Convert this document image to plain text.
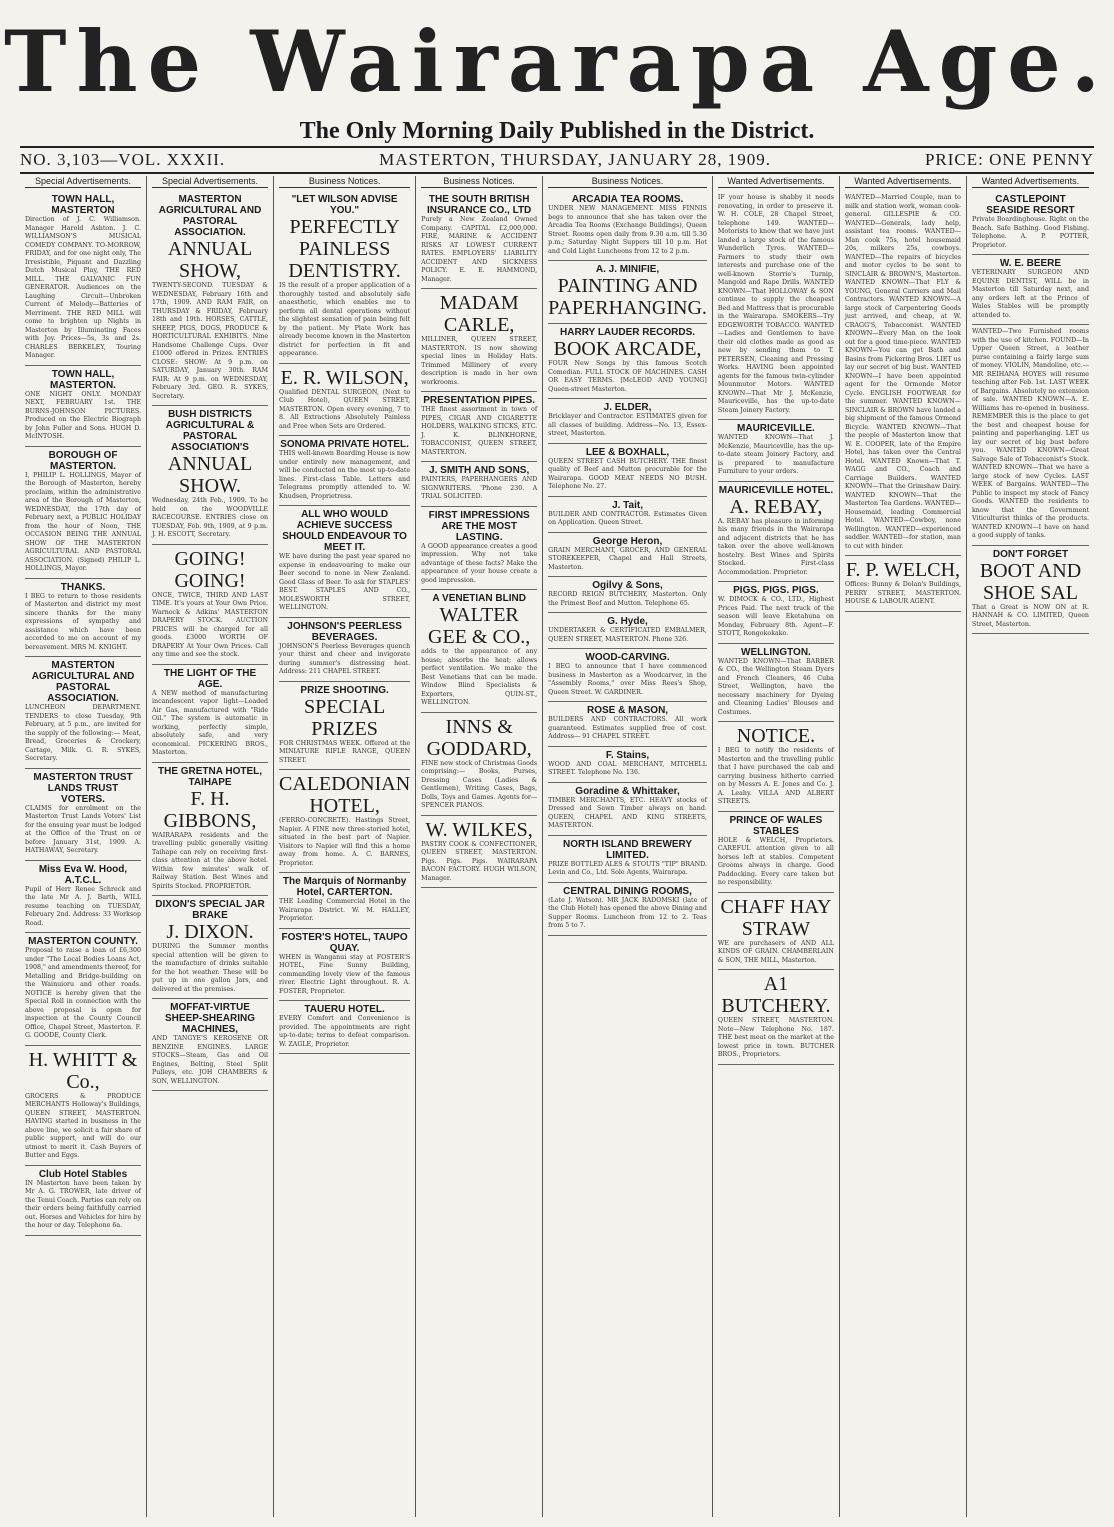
The Wairarapa Age.
The Only Morning Daily Published in the District.
NO. 3,103—VOL. XXXII.	MASTERTON, THURSDAY, JANUARY 28, 1909.	PRICE: ONE PENNY
Special Advertisements.
TOWN HALL, MASTERTON
Direction of J. C. Williamson. Manager Harold Ashton. J. C. WILLIAMSON'S MUSICAL COMEDY COMPANY. TO-MORROW, FRIDAY, and for one night only, The Irresistible, Piquant and Dazzling Dutch Musical Play, THE RED MILL. THE GALVANIC FUN GENERATOR. Audiences on the Laughing Circuit—Unbroken Current of Melody—Batteries of Merriment. THE RED MILL will come to brighten up Nights in Masterton by Illuminating Faces with Joy. Prices—5s, 3s and 2s. CHARLES BERKELEY, Touring Manager.
TOWN HALL, MASTERTON.
ONE NIGHT ONLY. MONDAY NEXT, FEBRUARY 1st. THE BURNS-JOHNSON PICTURES. Produced on the Electric Biograph by John Fuller and Sons. HUGH D. McINTOSH.
BOROUGH OF MASTERTON.
I, PHILIP L. HOLLINGS, Mayor of the Borough of Masterton, hereby proclaim, within the administrative area of the Borough of Masterton, WEDNESDAY, the 17th day of February next, a PUBLIC HOLIDAY from the hour of Noon, THE OCCASION BEING THE ANNUAL SHOW OF THE MASTERTON AGRICULTURAL AND PASTORAL ASSOCIATION. (Signed) PHILIP L. HOLLINGS, Mayor.
THANKS.
I BEG to return to those residents of Masterton and district my most sincere thanks for the many expressions of sympathy and assistance which have been accorded to me on account of my bereavement. MRS M. KNIGHT.
MASTERTON AGRICULTURAL AND PASTORAL ASSOCIATION.
LUNCHEON DEPARTMENT. TENDERS to close Tuesday, 9th February, at 5 p.m., are invited for the supply of the following:— Meat, Bread, Groceries & Crockery, Cartage, Milk. G. R. SYKES, Secretary.
MASTERTON TRUST LANDS TRUST VOTERS.
CLAIMS for enrolment on the Masterton Trust Lands Voters' List for the ensuing year must be lodged at the Office of the Trust on or before January 31st, 1909. A. HATHAWAY, Secretary.
Miss Eva W. Hood, A.T.C.L.
Pupil of Herr Renee Schreck and the late Mr A. J. Barth, WILL resume teaching on TUESDAY, February 2nd. Address: 33 Worksop Road.
MASTERTON COUNTY.
Proposal to raise a loan of £6,300 under "The Local Bodies Loans Act, 1908," and amendments thereof, for Metalling and Bridge-building on the Wainuioru and other roads. NOTICE is hereby given that the Special Roll in connection with the above proposal is open for inspection at the County Council Office, Chapel Street, Masterton. F. G. GOODE, County Clerk.
H. WHITT & Co.,
GROCERS & PRODUCE MERCHANTS Holloway's Buildings, QUEEN STREET, MASTERTON. HAVING started in business in the above line, we solicit a fair share of public support, and will do our utmost to merit it. Cash Buyers of Butter and Eggs.
Club Hotel Stables
IN Masterton have been taken by Mr A. G. TROWER, late driver of the Tenui Coach. Parties can rely on their orders being faithfully carried out. Horses and Vehicles for hire by the hour or day. Telephone 6a.
Special Advertisements.
MASTERTON AGRICULTURAL AND PASTORAL ASSOCIATION.
ANNUAL SHOW,
TWENTY-SECOND. TUESDAY & WEDNESDAY, February 16th and 17th, 1909. AND RAM FAIR, on THURSDAY & FRIDAY, February 18th and 19th. HORSES, CATTLE, SHEEP, PIGS, DOGS, PRODUCE & HORTICULTURAL EXHIBITS. Nine Handsome Challenge Cups. Over £1000 offered in Prizes. ENTRIES CLOSE: SHOW: At 9 p.m. on SATURDAY, January 30th. RAM FAIR: At 9 p.m. on WEDNESDAY, February 3rd. GEO. R. SYKES, Secretary.
BUSH DISTRICTS AGRICULTURAL & PASTORAL ASSOCIATION'S
ANNUAL SHOW.
Wednesday, 24th Feb., 1909. To be held on the WOODVILLE RACECOURSE. ENTRIES close on TUESDAY, Feb. 9th, 1909, at 9 p.m. J. H. ESCOTT, Secretary.
GOING! GOING!
ONCE, TWICE, THIRD AND LAST TIME. It's yours at Your Own Price. Warnock & Adkins' MASTERTON DRAPERY STOCK. AUCTION PRICES will be charged for all goods. £3000 WORTH OF DRAPERY At Your Own Prices. Call any time and see the stock.
THE LIGHT OF THE AGE.
A NEW method of manufacturing incandescent vapor light—Loaded Air Gas, manufactured with "Ride Oil." The system is automatic in working, perfectly simple, absolutely safe, and very economical. PICKERING BROS., Masterton.
THE GRETNA HOTEL, TAIHAPE
F. H. GIBBONS,
WAIRARAPA residents and the travelling public generally visiting Taihape can rely on receiving first-class attention at the above hotel. Within few minutes' walk of Railway Station. Best Wines and Spirits Stocked. PROPRIETOR.
DIXON'S SPECIAL JAR BRAKE
J. DIXON.
DURING the Summer months special attention will be given to the manufacture of drinks suitable for the hot weather. These will be put up in one gallon Jars, and delivered at the premises.
MOFFAT-VIRTUE SHEEP-SHEARING MACHINES,
AND TANGYE'S KEROSENE OR BENZINE ENGINES. LARGE STOCKS—Steam, Gas and Oil Engines, Belting, Steel Split Pulleys, etc. JOH CHAMBERS & SON, WELLINGTON.
Business Notices.
"LET WILSON ADVISE YOU."
PERFECTLY PAINLESS DENTISTRY.
IS the result of a proper application of a thoroughly tested and absolutely safe anaesthetic, which enables me to perform all dental operations without the slightest sensation of pain being felt by the patient. My Plate Work has already become known in the Masterton district for perfection in fit and appearance.
E. R. WILSON,
Qualified DENTAL SURGEON, (Next to Club Hotel), QUEEN STREET, MASTERTON. Open every evening, 7 to 8. All Extractions Absolutely Painless and Free when Sets are Ordered.
SONOMA PRIVATE HOTEL.
THIS well-known Boarding House is now under entirely new management, and will be conducted on the most up-to-date lines. First-class Table. Letters and Telegrams promptly attended to. W. Knudsen, Proprietress.
ALL WHO WOULD ACHIEVE SUCCESS SHOULD ENDEAVOUR TO MEET IT.
WE have during the past year spared no expense in endeavouring to make our Beer second to none in New Zealand. Good Glass of Beer. To ask for STAPLES' BEST. STAPLES AND CO., MOLESWORTH STREET, WELLINGTON.
JOHNSON'S PEERLESS BEVERAGES.
JOHNSON'S Peerless Beverages quench your thirst and cheer and invigorate during summer's distressing heat. Address: 211 CHAPEL STREET.
PRIZE SHOOTING.
SPECIAL PRIZES
FOR CHRISTMAS WEEK. Offered at the MINIATURE RIFLE RANGE, QUEEN STREET.
CALEDONIAN HOTEL,
(FERRO-CONCRETE). Hastings Street, Napier. A FINE new three-storied hotel, situated in the best part of Napier. Visitors to Napier will find this a home away from home. A. C. BARNES, Proprietor.
The Marquis of Normanby Hotel, CARTERTON.
THE Leading Commercial Hotel in the Wairarapa District. W. M. HALLEY, Proprietor.
FOSTER'S HOTEL, TAUPO QUAY.
WHEN in Wanganui stay at FOSTER'S HOTEL, Fine Sunny Building, commanding lovely view of the famous river. Electric Light throughout. R. A. FOSTER, Proprietor.
TAUERU HOTEL.
EVERY Comfort and Convenience is provided. The appointments are right up-to-date; terms to defeat comparison. W. ZAGLE, Proprietor.
Business Notices.
THE SOUTH BRITISH INSURANCE CO., LTD
Purely a New Zealand Owned Company. CAPITAL £2,000,000. FIRE, MARINE & ACCIDENT RISKS AT LOWEST CURRENT RATES. EMPLOYERS' LIABILITY ACCIDENT AND SICKNESS POLICY. E. E. HAMMOND, Manager.
MADAM CARLE,
MILLINER, QUEEN STREET, MASTERTON. IS now showing special lines in Holiday Hats. Trimmed Millinery of every description is made in her own workrooms.
PRESENTATION PIPES.
THE finest assortment in town of PIPES, CIGAR AND CIGARETTE HOLDERS, WALKING STICKS, ETC. J. K. BLINKHORNE, TOBACCONIST, QUEEN STREET, MASTERTON.
J. SMITH AND SONS,
PAINTERS, PAPERHANGERS AND SIGNWRITERS. 'Phone 230. A TRIAL SOLICITED.
FIRST IMPRESSIONS ARE THE MOST LASTING.
A GOOD appearance creates a good impression. Why not take advantage of these facts? Make the appearance of your house create a good impression.
A VENETIAN BLIND
WALTER GEE & CO.,
adds to the appearance of any house; absorbs the heat; allows perfect ventilation. We make the Best Venetians that can be made. Window Blind Specialists & Exporters, QUIN-ST., WELLINGTON.
INNS & GODDARD,
FINE new stock of Christmas Goods comprising:— Books, Purses, Dressing Cases (Ladies & Gentlemen), Writing Cases, Bags, Dolls, Toys and Games. Agents for— SPENCER PIANOS.
W. WILKES,
PASTRY COOK & CONFECTIONER, QUEEN STREET, MASTERTON. Pigs. Pigs. Pigs. WAIRARAPA BACON FACTORY. HUGH WILSON, Manager.
Business Notices.
ARCADIA TEA ROOMS.
UNDER NEW MANAGEMENT. MISS FINNIS begs to announce that she has taken over the Arcadia Tea Rooms (Exchange Buildings), Queen Street. Rooms open daily from 9.30 a.m. till 5.30 p.m.; Saturday Night Suppers till 10 p.m. Hot and Cold Light Luncheons from 12 to 2 p.m.
A. J. MINIFIE,
PAINTING AND PAPERHANGING.
HARRY LAUDER RECORDS.
BOOK ARCADE,
FOUR New Songs by this famous Scotch Comedian. FULL STOCK OF MACHINES. CASH OR EASY TERMS. [McLEOD AND YOUNG] Queen-street Masterton.
J. ELDER,
Bricklayer and Contractor. ESTIMATES given for all classes of building. Address—No. 13, Essex-street, Masterton.
LEE & BOXHALL,
QUEEN STREET CASH BUTCHERY. THE finest quality of Beef and Mutton procurable for the Wairarapa. GOOD MEAT NEEDS NO BUSH. Telephone No. 27.
J. Tait,
BUILDER AND CONTRACTOR. Estimates Given on Application. Queen Street.
George Heron,
GRAIN MERCHANT, GROCER, AND GENERAL STOREKEEPER, Chapel and Hall Streets, Masterton.
Ogilvy & Sons,
RECORD REIGN BUTCHERY, Masterton. Only the Primest Beef and Mutton. Telephone 65.
G. Hyde,
UNDERTAKER & CERTIFICATED EMBALMER, QUEEN STREET, MASTERTON. Phone 326.
WOOD-CARVING.
I BEG to announce that I have commenced business in Masterton as a Woodcarver, in the "Assembly Rooms," over Miss Rees's Shop, Queen Street. W. GARDINER.
ROSE & MASON,
BUILDERS AND CONTRACTORS. All work guaranteed. Estimates supplied free of cost. Address— 91 CHAPEL STREET.
F. Stains,
WOOD AND COAL MERCHANT, MITCHELL STREET. Telephone No. 136.
Goradine & Whittaker,
TIMBER MERCHANTS, ETC. HEAVY stocks of Dressed and Sawn Timber always on hand. QUEEN, CHAPEL AND KING STREETS, MASTERTON.
NORTH ISLAND BREWERY LIMITED.
PRIZE BOTTLED ALES & STOUTS "TIP" BRAND. Levin and Co., Ltd. Sole Agents, Wairarapa.
CENTRAL DINING ROOMS,
(Late J. Watson). MR JACK RADOMSKI (late of the Club Hotel) has opened the above Dining and Supper Rooms. Luncheon from 12 to 2. Teas from 5 to 7.
Wanted Advertisements.
IF your house is shabby it needs renovating, in order to preserve it. W. H. COLE, 28 Chapel Street, telephone 149. WANTED—Motorists to know that we have just landed a large stock of the famous Wunderlich Tyres. WANTED—Farmers to study their own interests and purchase one of the well-known Storrie's Turnip, Mangold and Rape Drills. WANTED KNOWN—That HOLLOWAY & SON continue to supply the cheapest Bed and Mattress that is procurable in the Wairarapa. SMOKERS—Try EDGEWORTH TOBACCO. WANTED—Ladies and Gentlemen to have their old clothes made as good as new by sending them to T. PETERSEN, Cleaning and Pressing Works. HAVING been appointed agents for the famous twin-cylinder Mounmutor Motors. WANTED KNOWN—That Mr J. McKenzie, Mauriceville, has the up-to-date Steam Joinery Factory.
MAURICEVILLE.
WANTED KNOWN—That J. McKenzie, Mauriceville, has the up-to-date steam Joinery Factory, and is prepared to manufacture Furniture to your orders.
MAURICEVILLE HOTEL.
A. REBAY,
A. REBAY has pleasure in informing his many friends in the Wairarapa and adjacent districts that he has taken over the above well-known hostelry. Best Wines and Spirits Stocked. First-class Accommodation. Proprietor.
PIGS. PIGS. PIGS.
W. DIMOCK & CO., LTD., Highest Prices Paid. The next truck of the season will leave Eketahuna on Monday, February 8th. Agent—F. STOTT, Rongokokako.
WELLINGTON.
WANTED KNOWN—That BARBER & CO., the Wellington Steam Dyers and French Cleaners, 46 Cuba Street, Wellington, have the necessary machinery for Dyeing and Cleaning Ladies' Blouses and Costumes.
NOTICE.
I BEG to notify the residents of Masterton and the travelling public that I have purchased the cab and carrying business hitherto carried on by Messrs A. E. Jones and Co. J. A. Leahy. VILLA AND ALBERT STREETS.
PRINCE OF WALES STABLES
HOLE & WELCH, Proprietors. CAREFUL attention given to all horses left at stables. Competent Grooms always in charge. Good Paddocking. Every care taken but no responsibility.
CHAFF HAY STRAW
WE are purchasers of AND ALL KINDS OF GRAIN. CHAMBERLAIN & SON, THE MILL, Masterton.
A1 BUTCHERY.
QUEEN STREET, MASTERTON. Note—New Telephone No. 187. THE best meat on the market at the lowest price in town. BUTCHER BROS., Proprietors.
Wanted Advertisements.
WANTED—Married Couple, man to milk and station work, woman cook-general. GILLESPIE & CO. WANTED—Generals, lady help, assistant tea rooms. WANTED—Man cook 75s, hotel housemaid 20s, milkers 25s, cowboys. WANTED—The repairs of bicycles and motor cycles to be sent to SINCLAIR & BROWN'S, Masterton. WANTED KNOWN—That FLY & YOUNG, General Carriers and Mail Contractors. WANTED KNOWN—A large stock of Carpentering Goods just arrived, and cheap, at W. CRAGG'S, Tobacconist. WANTED KNOWN—Every Man on the look out for a good time-piece. WANTED KNOWN—You can get Bath and Basins from Pickering Bros. LIET us lay our secret of big bust. WANTED KNOWN—I have been appointed agent for the Ormonde Motor Cycle. ENGLISH FOOTWEAR for the summer. WANTED KNOWN—SINCLAIR & BROWN have landed a big shipment of the famous Ormond Bicycle. WANTED KNOWN—That the people of Masterton know that W. E. COOPER, late of the Empire Hotel, has taken over the Central Hotel. WANTED Known—That T. WAGG and CO., Coach and Carriage Builders. WANTED KNOWN—That the Grimshaw Dairy. WANTED KNOWN—That the Masterton Tea Gardens. WANTED—Housemaid, leading Commercial Hotel. WANTED—Cowboy, none Wellington. WANTED—experienced saddler. WANTED—for station, man to cut with binder.
F. P. WELCH,
Offices: Bunny & Dolan's Buildings, PERRY STREET, MASTERTON. HOUSE & LABOUR AGENT.
Wanted Advertisements.
CASTLEPOINT SEASIDE RESORT
Private Boardinghouse. Right on the Beach. Safe Bathing. Good Fishing. Telephone. A. P. POTTER, Proprietor.
W. E. BEERE
VETERINARY SURGEON AND EQUINE DENTIST, WILL be in Masterton till Saturday next, and any orders left at the Prince of Wales Stables will be promptly attended to.
WANTED—Two Furnished rooms with the use of kitchen. FOUND—In Upper Queen Street, a leather purse containing a fairly large sum of money. VIOLIN, Mandoline, etc.—MR REIHANA HOYES will resume teaching after Feb. 1st. LAST WEEK of Bargains. Absolutely no extension of sale. WANTED KNOWN—A. E. Williams has re-opened in business. REMEMBER this is the place to get the best and cheapest house for painting and paperhanging. LET us lay our secret of big bust before you. WANTED KNOWN—Great Salvage Sale of Tobacconist's Stock. WANTED KNOWN—That we have a large stock of new Cycles. LAST WEEK of Bargains. WANTED—The Public to inspect my stock of Fancy Goods. WANTED the residents to know that the Government Viticulturist thinks of the products. WANTED KNOWN—I have on hand a good supply of tanks.
DON'T FORGET
BOOT AND SHOE SAL
That a Great is NOW ON at R. HANNAH & CO. LIMITED, Queen Street, Masterton.
